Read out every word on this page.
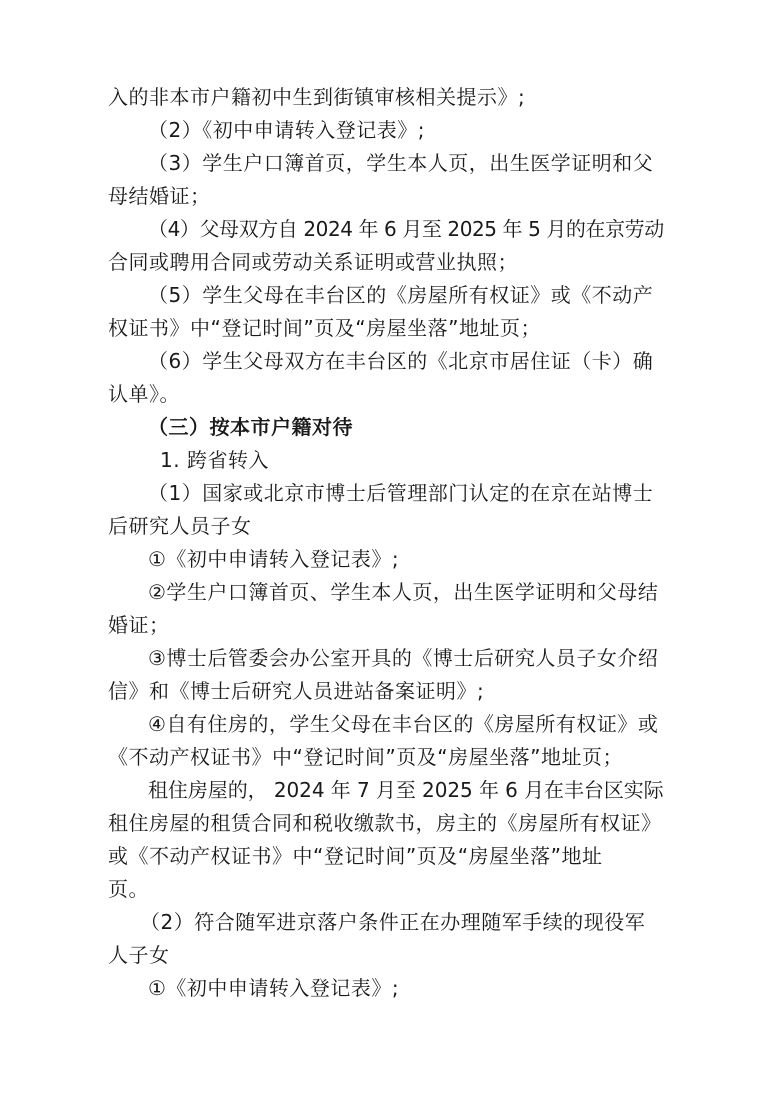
入的非本市户籍初中生到街镇审核相关提示》;
（2）《初中申请转入登记表》;
（3）学生户口簿首页，学生本人页，出生医学证明和父
母结婚证；
（4）父母双方自 2024 年 6 月至 2025 年 5 月的在京劳动
合同或聘用合同或劳动关系证明或营业执照；
（5）学生父母在丰台区的《房屋所有权证》或《不动产
权证书》中“登记时间”页及“房屋坐落”地址页；
（6）学生父母双方在丰台区的《北京市居住证（卡）确
认单》。
（三）按本市户籍对待
1. 跨省转入
（1）国家或北京市博士后管理部门认定的在京在站博士
后研究人员子女
①《初中申请转入登记表》;
②学生户口簿首页、学生本人页，出生医学证明和父母结
婚证；
③博士后管委会办公室开具的《博士后研究人员子女介绍
信》和《博士后研究人员进站备案证明》;
④自有住房的，学生父母在丰台区的《房屋所有权证》或
《不动产权证书》中“登记时间”页及“房屋坐落”地址页；
租住房屋的， 2024 年 7 月至 2025 年 6 月在丰台区实际
租住房屋的租赁合同和税收缴款书，房主的《房屋所有权证》
或《不动产权证书》中“登记时间”页及“房屋坐落”地址
页。
（2）符合随军进京落户条件正在办理随军手续的现役军
人子女
①《初中申请转入登记表》;
